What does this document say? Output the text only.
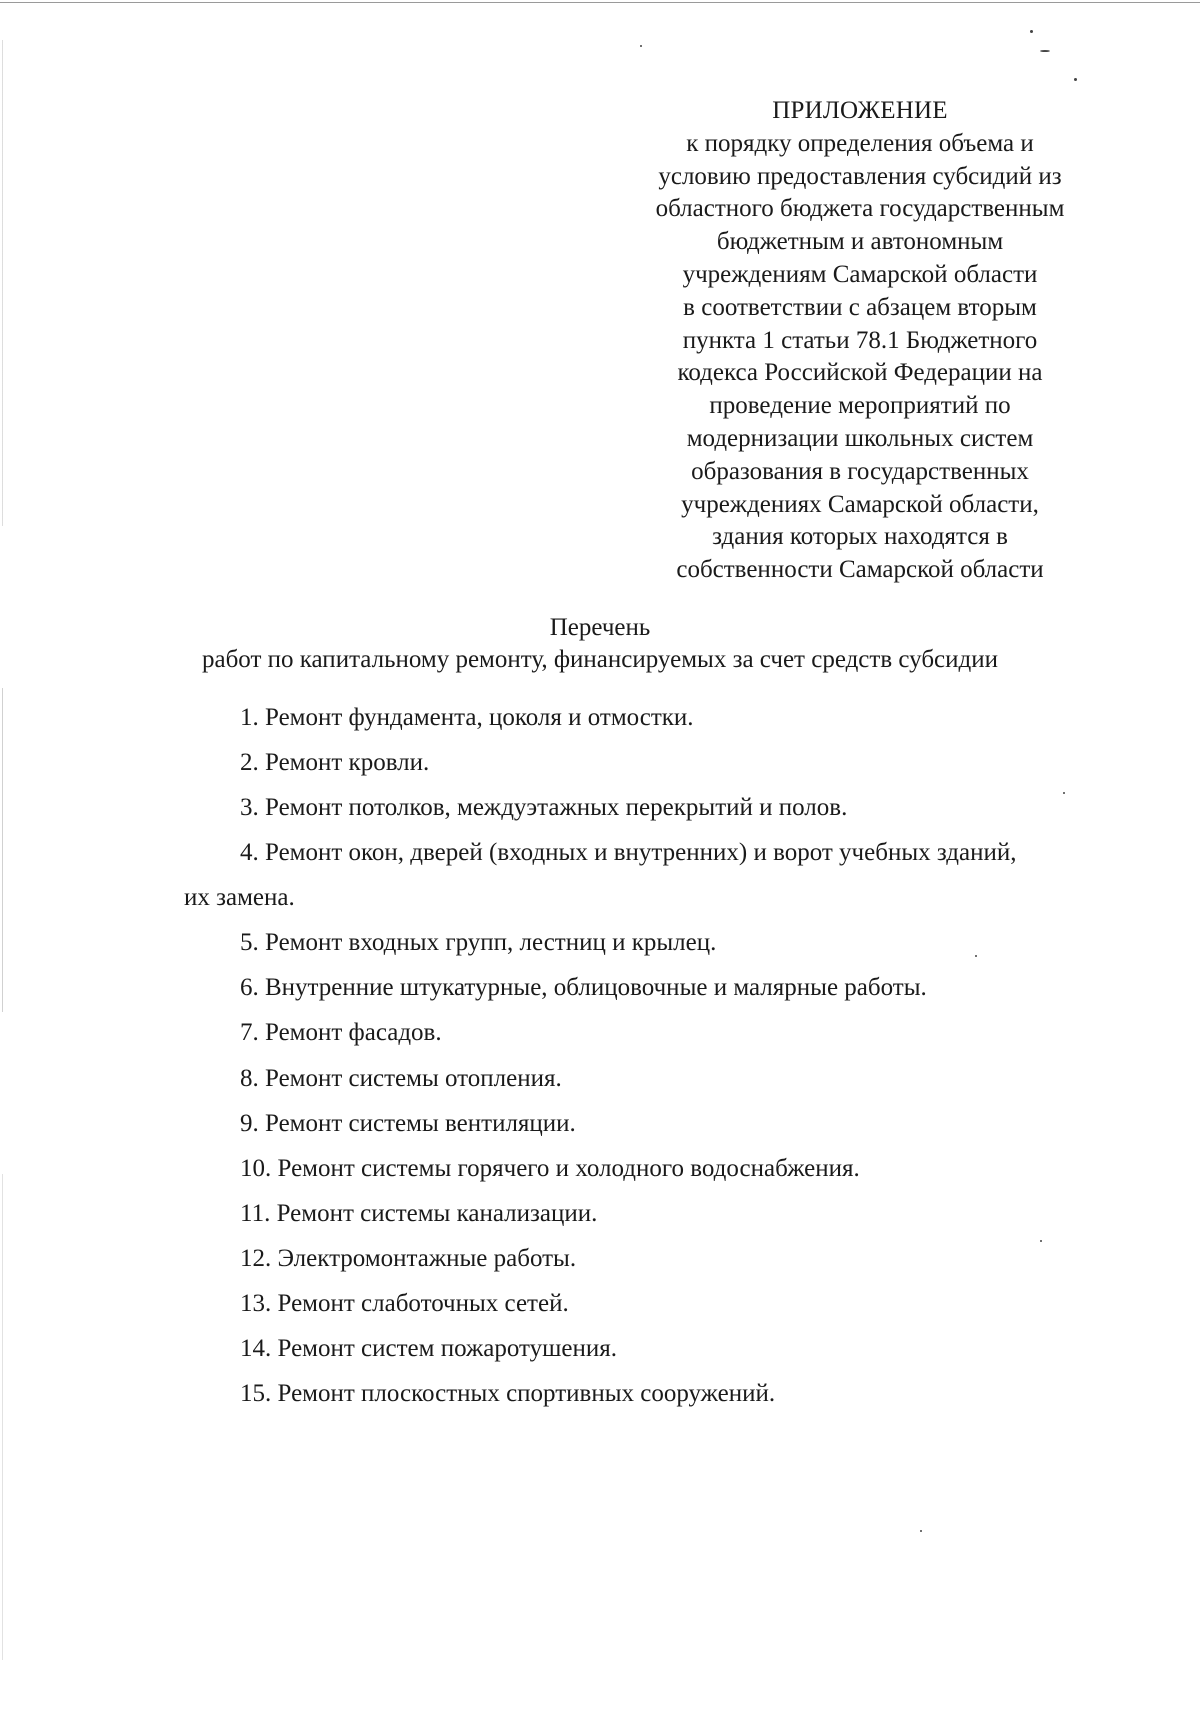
ПРИЛОЖЕНИЕ
к порядку определения объема и
условию предоставления субсидий из
областного бюджета государственным
бюджетным и автономным
учреждениям Самарской области
в соответствии с абзацем вторым
пункта 1 статьи 78.1 Бюджетного
кодекса Российской Федерации на
проведение мероприятий по
модернизации школьных систем
образования в государственных
учреждениях Самарской области,
здания которых находятся в
собственности Самарской области
Перечень
работ по капитальному ремонту, финансируемых за счет средств субсидии
1. Ремонт фундамента, цоколя и отмостки.
2. Ремонт кровли.
3. Ремонт потолков, междуэтажных перекрытий и полов.
4. Ремонт окон, дверей (входных и внутренних) и ворот учебных зданий,
их замена.
5. Ремонт входных групп, лестниц и крылец.
6. Внутренние штукатурные, облицовочные и малярные работы.
7. Ремонт фасадов.
8. Ремонт системы отопления.
9. Ремонт системы вентиляции.
10. Ремонт системы горячего и холодного водоснабжения.
11. Ремонт системы канализации.
12. Электромонтажные работы.
13. Ремонт слаботочных сетей.
14. Ремонт систем пожаротушения.
15. Ремонт плоскостных спортивных сооружений.
